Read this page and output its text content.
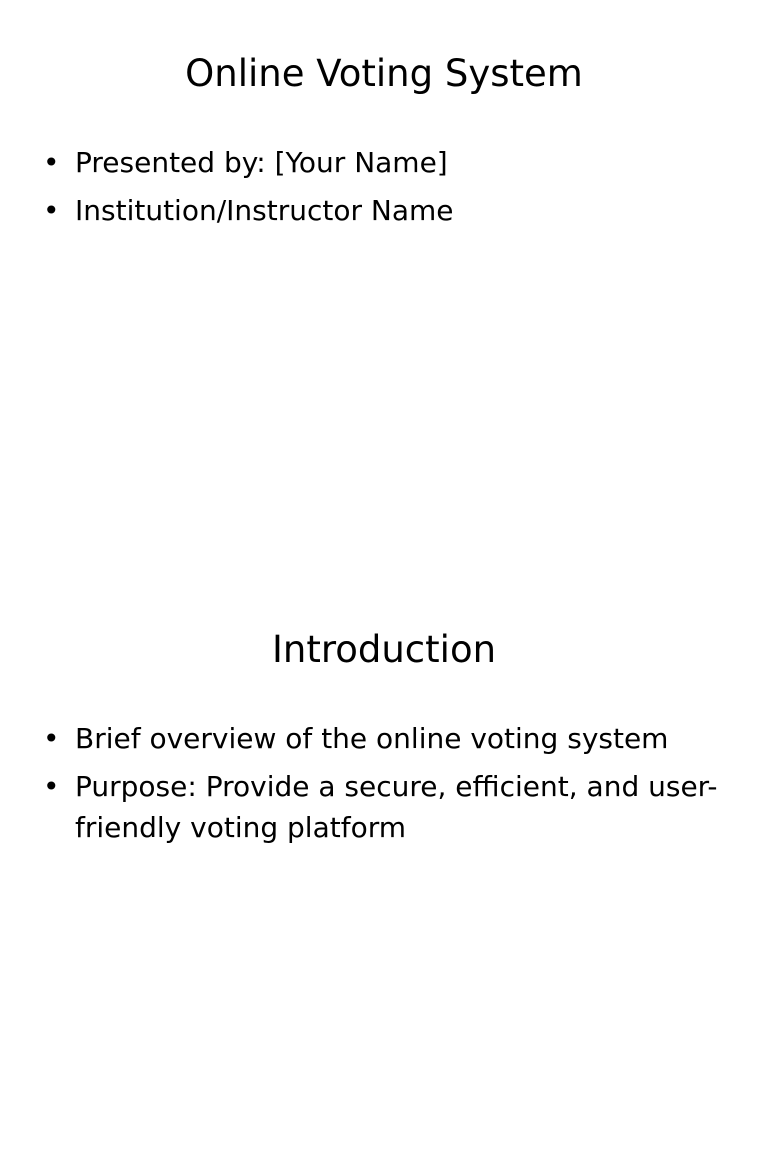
Online Voting System
• Presented by: [Your Name]
• Institution/Instructor Name
Introduction
• Brief overview of the online voting system
• Purpose: Provide a secure, efficient, and user-friendly voting platform
